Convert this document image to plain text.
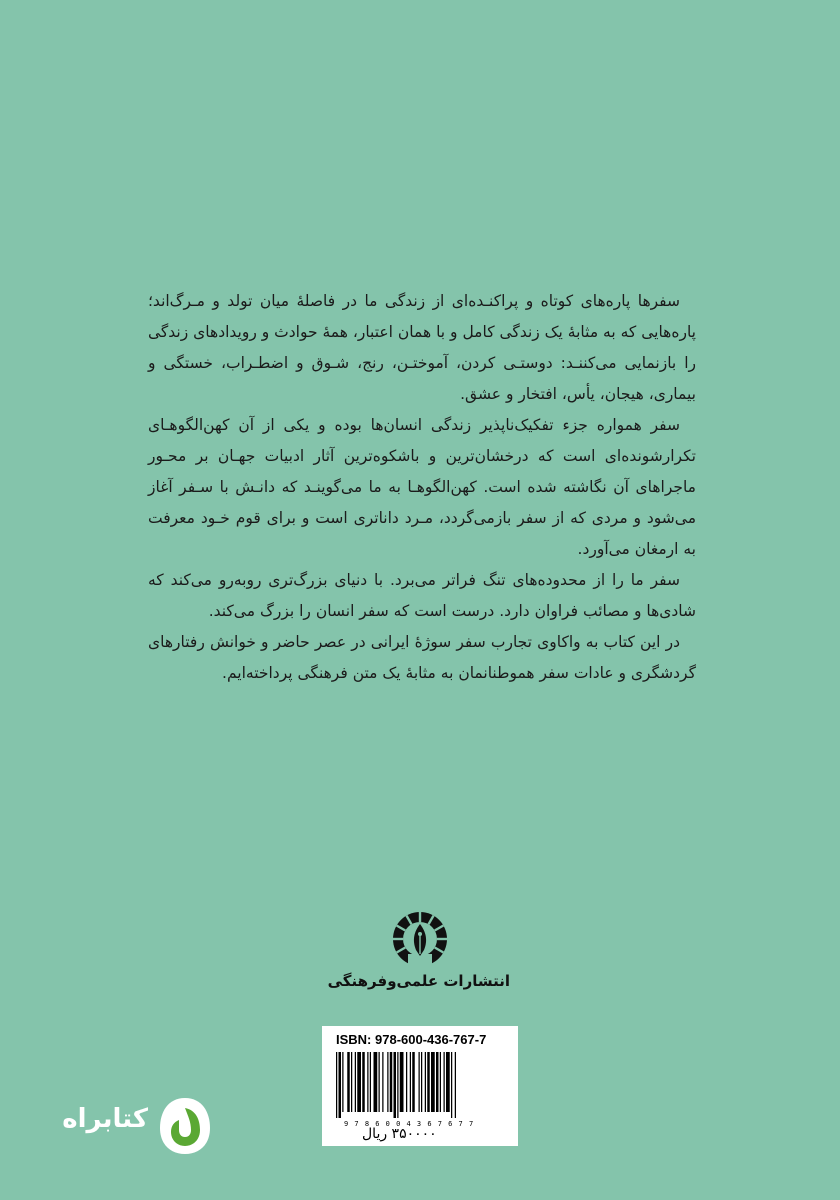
سفرها پاره‌های کوتاه و پراکنـده‌ای از زندگی ما در فاصلهٔ میان تولد و مـرگ‌اند؛ پاره‌هایی که به مثابهٔ یک زندگی کامل و با همان اعتبار، همهٔ حوادث و رویدادهای زندگی را بازنمایی می‌کننـد: دوستـی کردن، آموختـن، رنج، شـوق و اضطـراب، خستگی و بیماری، هیجان، یأس، افتخار و عشق.

سفر همواره جزء تفکیک‌ناپذیر زندگی انسان‌ها بوده و یکی از آن کهن‌الگوهـای تکرارشونده‌ای است که درخشان‌ترین و باشکوه‌ترین آثار ادبیات جهـان بر محـور ماجراهای آن نگاشته شده است. کهن‌الگوهـا به ما می‌گوینـد که دانـش با سـفر آغاز می‌شود و مردی که از سفر بازمی‌گردد، مـرد داناتری است و برای قوم خـود معرفت به ارمغان می‌آورد.

سفر ما را از محدوده‌های تنگ فراتر می‌برد. با دنیای بزرگ‌تری روبه‌رو می‌کند که شادی‌ها و مصائب فراوان دارد. درست است که سفر انسان را بزرگ می‌کند.

در این کتاب به واکاوی تجارب سفر سوژهٔ ایرانی در عصر حاضر و خوانش رفتارهای گردشگری و عادات سفر هموطنانمان به مثابهٔ یک متن فرهنگی پرداخته‌ایم.

انتشارات علمی‌وفرهنگی
ISBN: 978-600-436-767-7
9786004367677
۳۵۰۰۰۰ ریال
کتابراه
